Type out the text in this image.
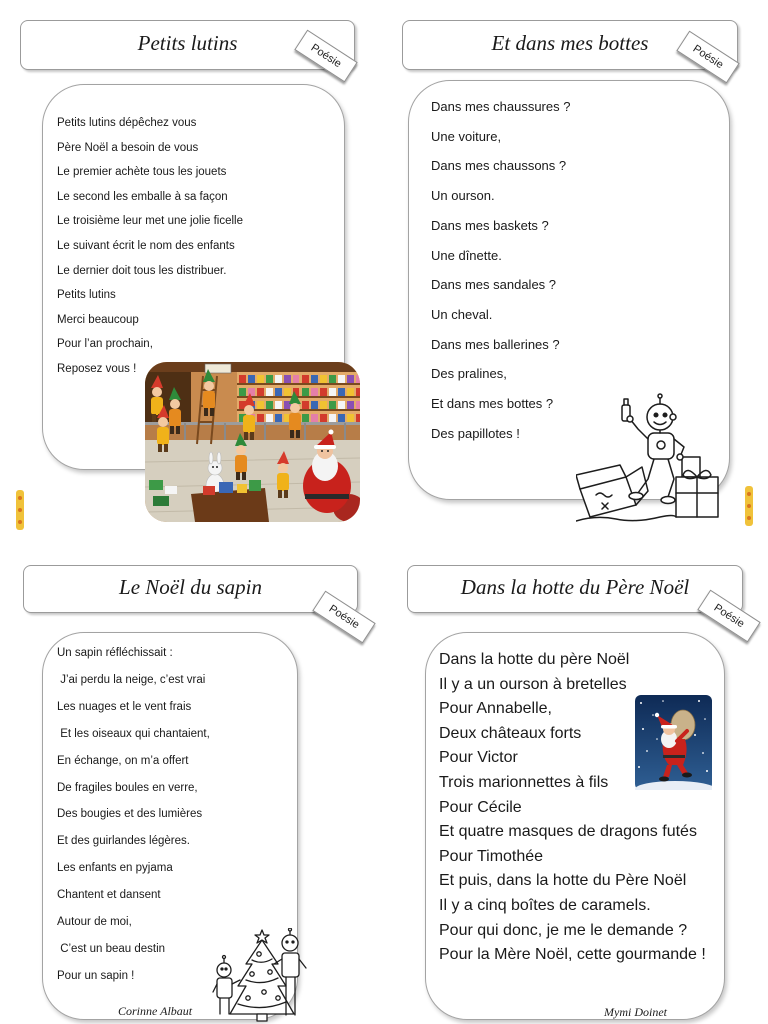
Petits lutins	Poésie
Petits lutins dépêchez vous
Père Noël a besoin de vous
Le premier achète tous les jouets
Le second les emballe à sa façon
Le troisième leur met une jolie ficelle
Le suivant écrit le nom des enfants
Le dernier doit tous les distribuer.
Petits lutins
Merci beaucoup
Pour l’an prochain,
Reposez vous !
Et dans mes bottes
Poésie
Dans mes chaussures ?
Une voiture,
Dans mes chaussons ?
Un ourson.
Dans mes baskets ?
Une dînette.
Dans mes sandales ?
Un cheval.
Dans mes ballerines ?
Des pralines,
Et dans mes bottes ?
Des papillotes !
Le Noël du sapin
Poésie
Un sapin réfléchissait :
J’ai perdu la neige, c’est vrai
Les nuages et le vent frais
Et les oiseaux qui chantaient,
En échange, on m’a offert
De fragiles boules en verre,
Des bougies et des lumières
Et des guirlandes légères.
Les enfants en pyjama
Chantent et dansent
Autour de moi,
C’est un beau destin
Pour un sapin !
Corinne Albaut
Dans la hotte du Père Noël
Poésie
Dans la hotte du père Noël
Il y a un ourson à bretelles
Pour Annabelle,
Deux châteaux forts
Pour Victor
Trois marionnettes à fils
Pour Cécile
Et quatre masques de dragons futés
Pour Timothée
Et puis, dans la hotte du Père Noël
Il y a cinq boîtes de caramels.
Pour qui donc, je me le demande ?
Pour la Mère Noël, cette gourmande !
Mymi Doinet
